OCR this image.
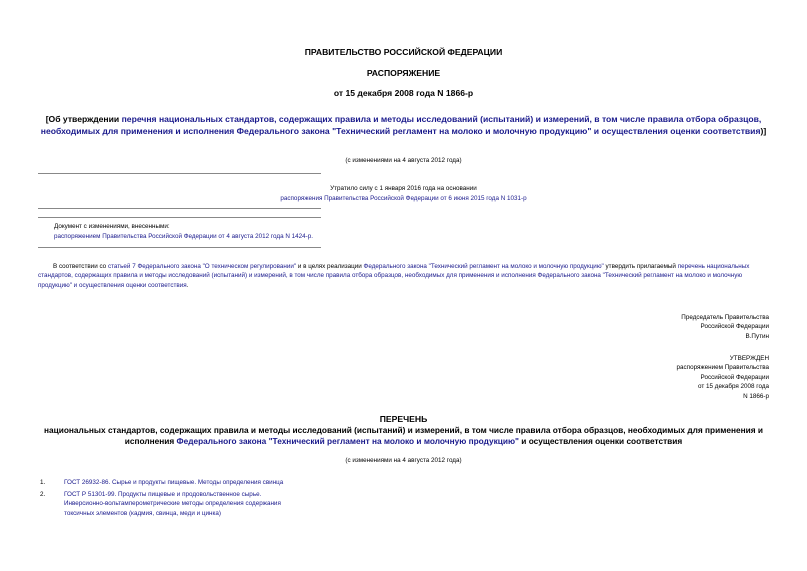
ПРАВИТЕЛЬСТВО РОССИЙСКОЙ ФЕДЕРАЦИИ
РАСПОРЯЖЕНИЕ
от 15 декабря 2008 года N 1866-р
[Об утверждении перечня национальных стандартов, содержащих правила и методы исследований (испытаний) и измерений, в том числе правила отбора образцов, необходимых для применения и исполнения Федерального закона "Технический регламент на молоко и молочную продукцию" и осуществления оценки соответствия)]
(с изменениями на 4 августа 2012 года)
Утратило силу с 1 января 2016 года на основании
распоряжения Правительства Российской Федерации от 6 июня 2015 года N 1031-р
Документ с изменениями, внесенными:
распоряжением Правительства Российской Федерации от 4 августа 2012 года N 1424-р.
В соответствии со статьей 7 Федерального закона "О техническом регулировании" и в целях реализации Федерального закона "Технический регламент на молоко и молочную продукцию" утвердить прилагаемый перечень национальных стандартов, содержащих правила и методы исследований (испытаний) и измерений, в том числе правила отбора образцов, необходимых для применения и исполнения Федерального закона "Технический регламент на молоко и молочную продукцию" и осуществления оценки соответствия.
Председатель Правительства
Российской Федерации
В.Путин
УТВЕРЖДЕН
распоряжением Правительства
Российской Федерации
от 15 декабря 2008 года
N 1866-р
ПЕРЕЧЕНЬ
национальных стандартов, содержащих правила и методы исследований (испытаний) и измерений, в том числе правила отбора образцов, необходимых для применения и исполнения Федерального закона "Технический регламент на молоко и молочную продукцию" и осуществления оценки соответствия
(с изменениями на 4 августа 2012 года)
1.	ГОСТ 26932-86. Сырье и продукты пищевые. Методы определения свинца
2.	ГОСТ Р 51301-99. Продукты пищевые и продовольственное сырье. Инверсионно-вольтамперометрические методы определения содержания токсичных элементов (кадмия, свинца, меди и цинка)
